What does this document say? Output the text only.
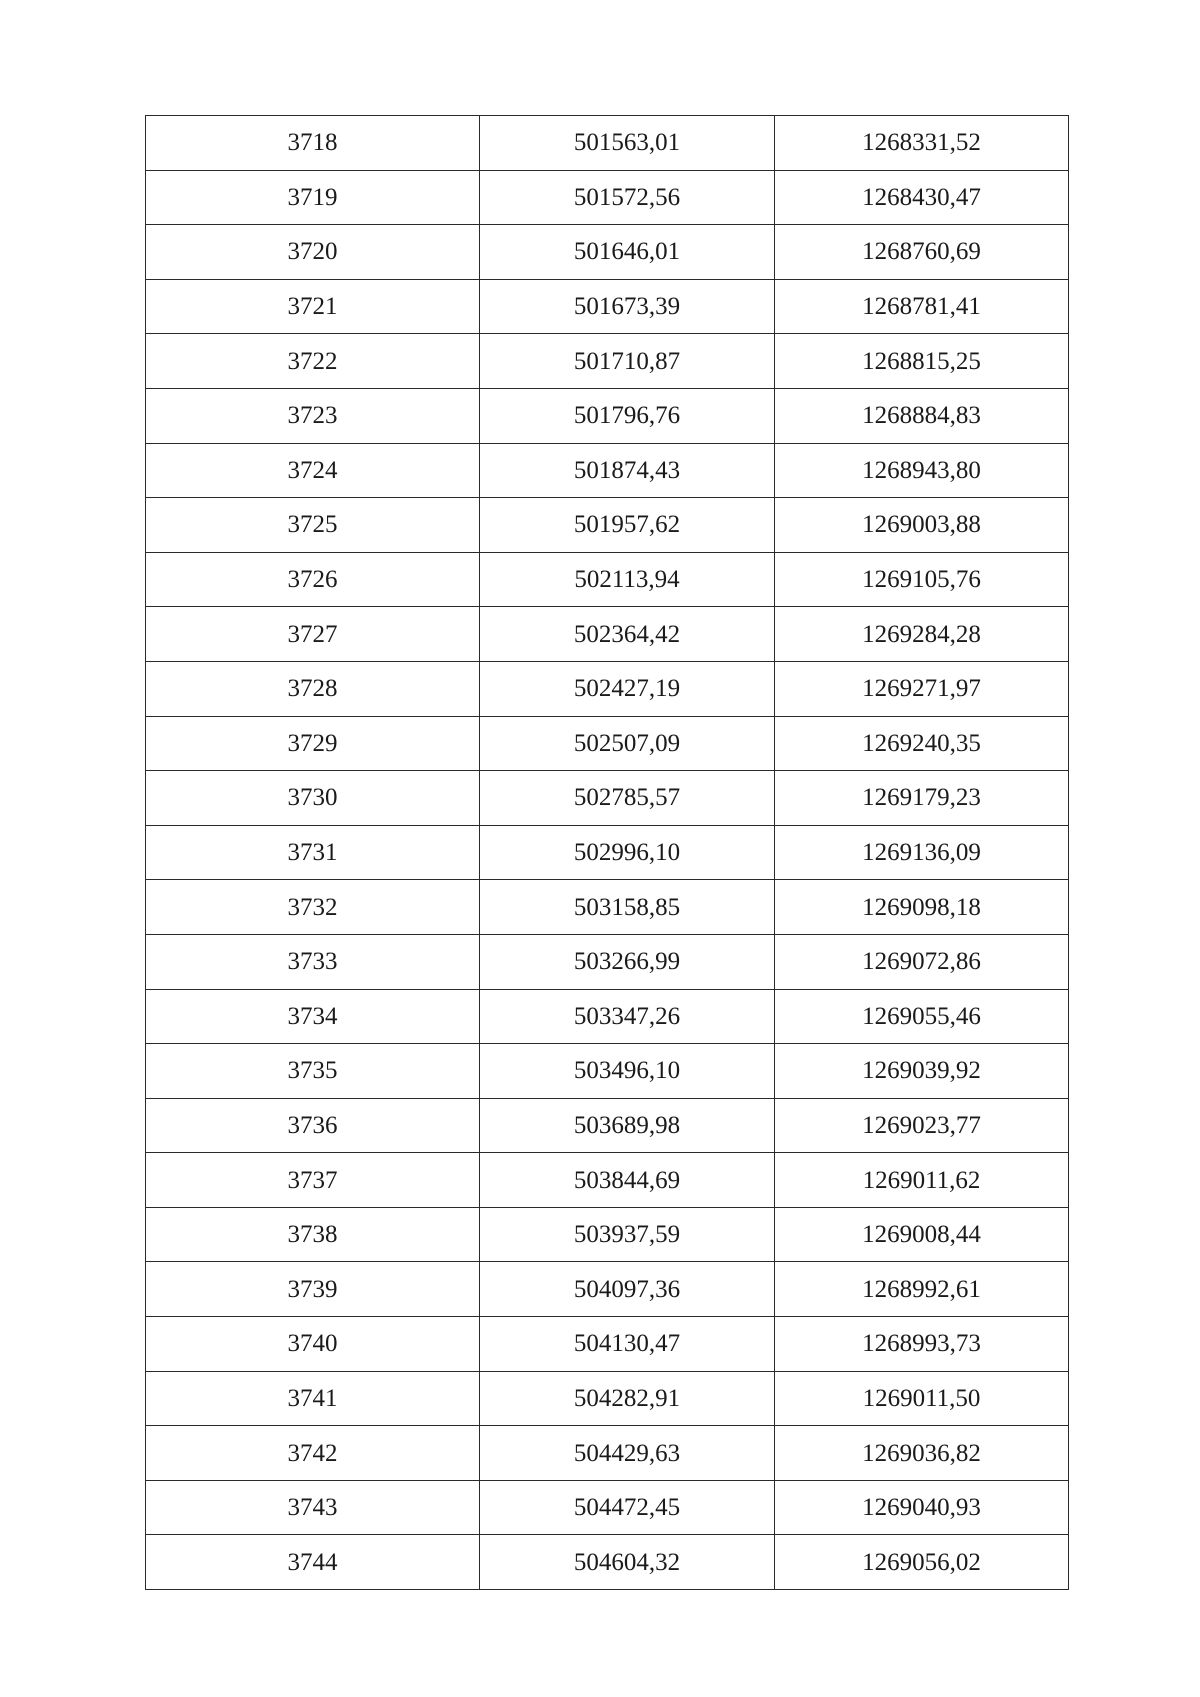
3718	501563,01	1268331,52
3719	501572,56	1268430,47
3720	501646,01	1268760,69
3721	501673,39	1268781,41
3722	501710,87	1268815,25
3723	501796,76	1268884,83
3724	501874,43	1268943,80
3725	501957,62	1269003,88
3726	502113,94	1269105,76
3727	502364,42	1269284,28
3728	502427,19	1269271,97
3729	502507,09	1269240,35
3730	502785,57	1269179,23
3731	502996,10	1269136,09
3732	503158,85	1269098,18
3733	503266,99	1269072,86
3734	503347,26	1269055,46
3735	503496,10	1269039,92
3736	503689,98	1269023,77
3737	503844,69	1269011,62
3738	503937,59	1269008,44
3739	504097,36	1268992,61
3740	504130,47	1268993,73
3741	504282,91	1269011,50
3742	504429,63	1269036,82
3743	504472,45	1269040,93
3744	504604,32	1269056,02
